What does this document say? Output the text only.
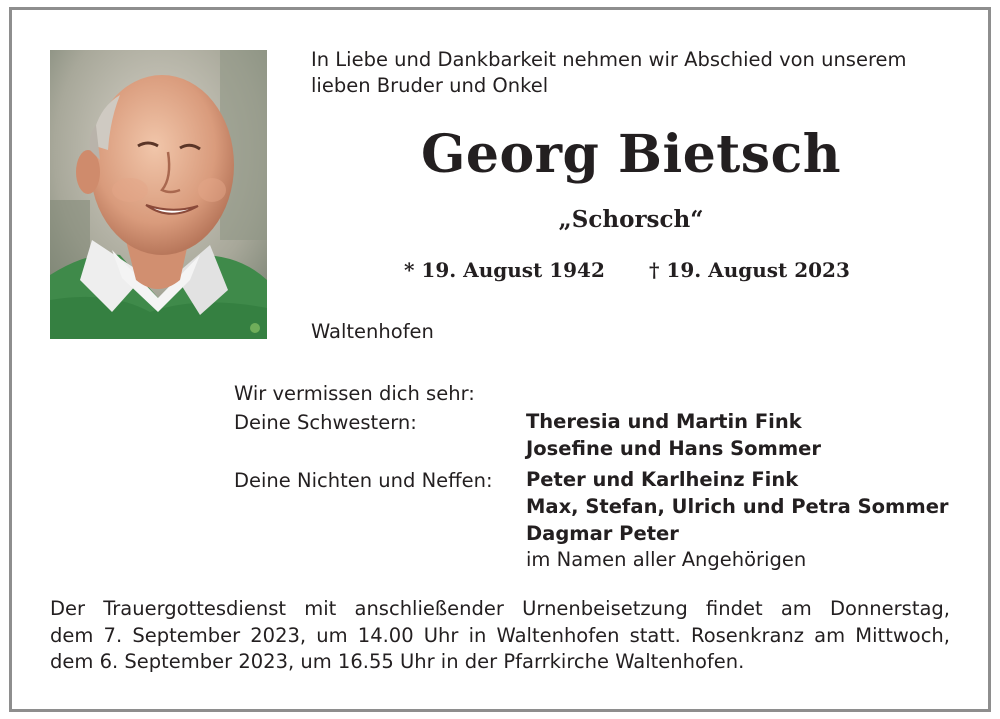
In Liebe und Dankbarkeit nehmen wir Abschied von unserem
lieben Bruder und Onkel
Georg Bietsch
„Schorsch“
* 19. August 1942 † 19. August 2023
Waltenhofen
Wir vermissen dich sehr:
Deine Schwestern:	Theresia und Martin Fink
Josefine und Hans Sommer
Deine Nichten und Neffen: Peter und Karlheinz Fink
Max, Stefan, Ulrich und Petra Sommer
Dagmar Peter
im Namen aller Angehörigen
Der Trauergottesdienst mit anschließender Urnenbeisetzung findet am Donnerstag,
dem 7. September 2023, um 14.00 Uhr in Waltenhofen statt. Rosenkranz am Mittwoch,
dem 6. September 2023, um 16.55 Uhr in der Pfarrkirche Waltenhofen.
